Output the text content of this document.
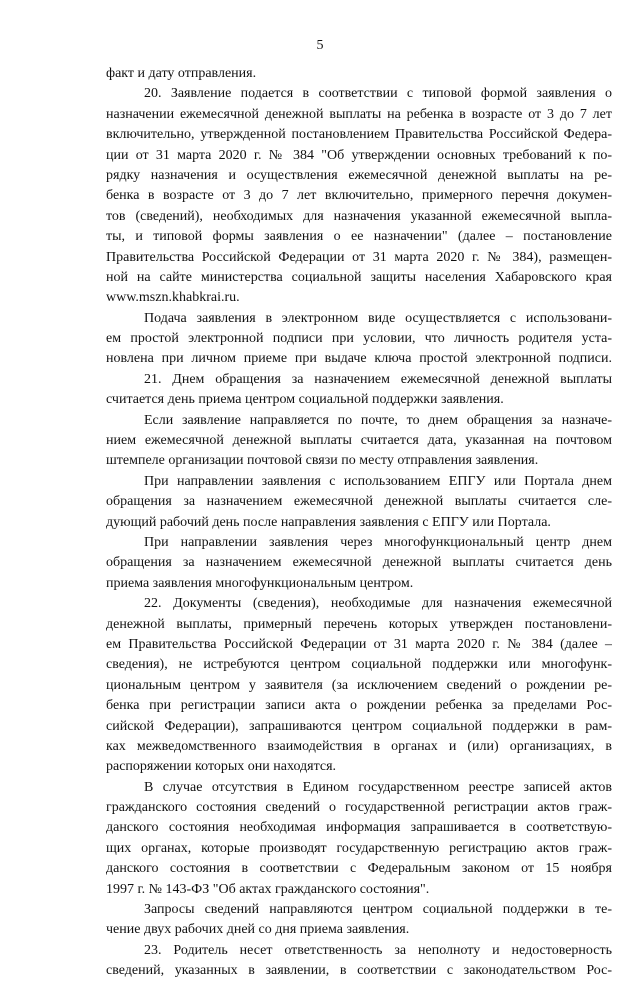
5
факт и дату отправления.
20. Заявление подается в соответствии с типовой формой заявления о
назначении ежемесячной денежной выплаты на ребенка в возрасте от 3 до 7 лет
включительно, утвержденной постановлением Правительства Российской Федера-
ции от 31 марта 2020 г. № 384 "Об утверждении основных требований к по-
рядку назначения и осуществления ежемесячной денежной выплаты на ре-
бенка в возрасте от 3 до 7 лет включительно, примерного перечня докумен-
тов (сведений), необходимых для назначения указанной ежемесячной выпла-
ты, и типовой формы заявления о ее назначении" (далее – постановление
Правительства Российской Федерации от 31 марта 2020 г. № 384), размещен-
ной на сайте министерства социальной защиты населения Хабаровского края
www.mszn.khabkrai.ru.
Подача заявления в электронном виде осуществляется с использовани-
ем простой электронной подписи при условии, что личность родителя уста-
новлена при личном приеме при выдаче ключа простой электронной подписи.
21. Днем обращения за назначением ежемесячной денежной выплаты
считается день приема центром социальной поддержки заявления.
Если заявление направляется по почте, то днем обращения за назначе-
нием ежемесячной денежной выплаты считается дата, указанная на почтовом
штемпеле организации почтовой связи по месту отправления заявления.
При направлении заявления с использованием ЕПГУ или Портала днем
обращения за назначением ежемесячной денежной выплаты считается сле-
дующий рабочий день после направления заявления с ЕПГУ или Портала.
При направлении заявления через многофункциональный центр днем
обращения за назначением ежемесячной денежной выплаты считается день
приема заявления многофункциональным центром.
22. Документы (сведения), необходимые для назначения ежемесячной
денежной выплаты, примерный перечень которых утвержден постановлени-
ем Правительства Российской Федерации от 31 марта 2020 г. № 384 (далее –
сведения), не истребуются центром социальной поддержки или многофунк-
циональным центром у заявителя (за исключением сведений о рождении ре-
бенка при регистрации записи акта о рождении ребенка за пределами Рос-
сийской Федерации), запрашиваются центром социальной поддержки в рам-
ках межведомственного взаимодействия в органах и (или) организациях, в
распоряжении которых они находятся.
В случае отсутствия в Едином государственном реестре записей актов
гражданского состояния сведений о государственной регистрации актов граж-
данского состояния необходимая информация запрашивается в соответствую-
щих органах, которые производят государственную регистрацию актов граж-
данского состояния в соответствии с Федеральным законом от 15 ноября
1997 г. № 143-ФЗ "Об актах гражданского состояния".
Запросы сведений направляются центром социальной поддержки в те-
чение двух рабочих дней со дня приема заявления.
23. Родитель несет ответственность за неполноту и недостоверность
сведений, указанных в заявлении, в соответствии с законодательством Рос-
